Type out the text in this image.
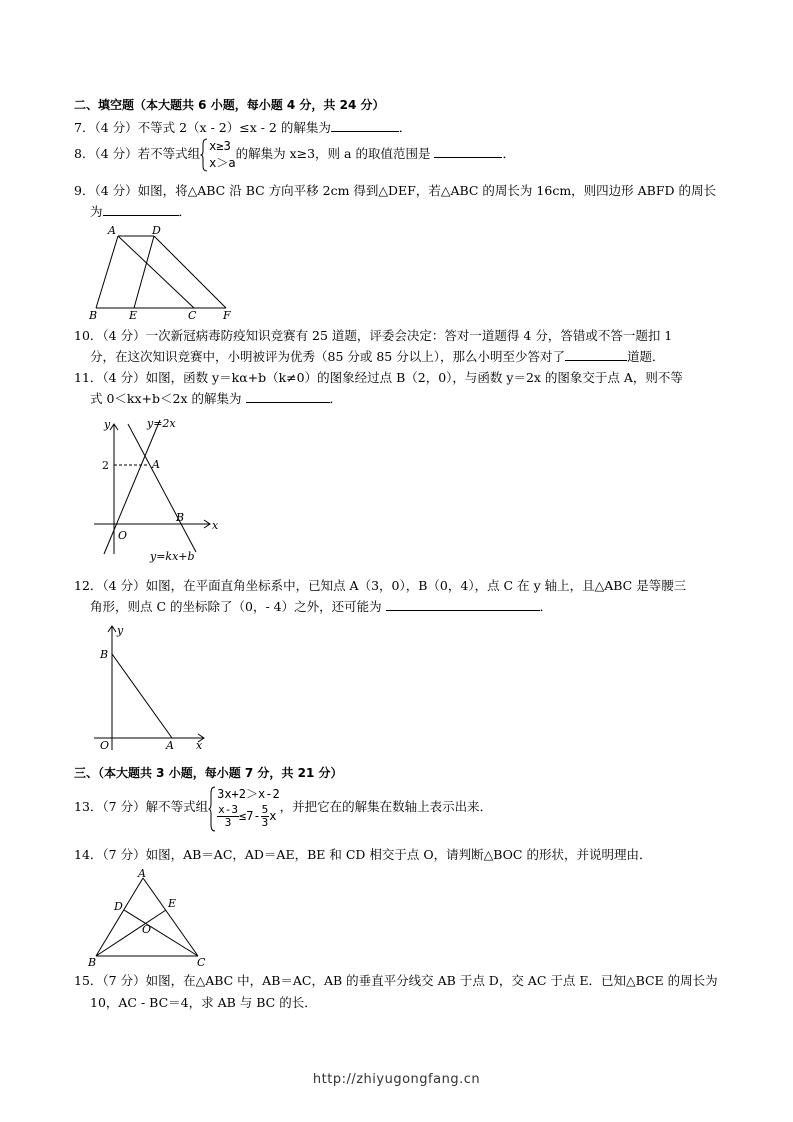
二、填空题（本大题共 6 小题，每小题 4 分，共 24 分）
7．（4 分）不等式 2（x - 2）≤x - 2 的解集为	．
8．（4 分）若不等式组
x≥3
x＞a
的解集为 x≥3，则 a 的取值范围是	．
9．（4 分）如图，将△ABC 沿 BC 方向平移 2cm 得到△DEF，若△ABC 的周长为 16cm，则四边形 ABFD 的周长
为	．
A	D
B	E	C F
10．（4 分）一次新冠病毒防疫知识竞赛有 25 道题，评委会决定：答对一道题得 4 分，答错或不答一题扣 1
分，在这次知识竞赛中，小明被评为优秀（85 分或 85 分以上），那么小明至少答对了	道题．
11．（4 分）如图，函数 y＝kα+b（k≠0）的图象经过点 B（2，0），与函数 y＝2x 的图象交于点 A，则不等
式 0＜kx+b＜2x 的解集为	．
y
x
y=2x
2	A
B
O
y=kx+b
12．（4 分）如图，在平面直角坐标系中，已知点 A（3，0），B（0，4），点 C 在 y 轴上，且△ABC 是等腰三
角形，则点 C 的坐标除了（0，- 4）之外，还可能为	．
y
B
O	A x
三、（本大题共 3 小题，每小题 7 分，共 21 分）
13．（7 分）解不等式组
3x+2＞x-2
$\frac{x-3}{3} \le 7- \frac{5}{3}$ x
，并把它在的解集在数轴上表示出来．
14．（7 分）如图，AB＝AC，AD＝AE，BE 和 CD 相交于点 O，请判断△BOC 的形状，并说明理由．
A
D	E
O
B	C
15．（7 分）如图，在△ABC 中，AB＝AC，AB 的垂直平分线交 AB 于点 D，交 AC 于点 E．已知△BCE 的周长为
10，AC - BC＝4，求 AB 与 BC 的长．
http://zhiyugongfang.cn
